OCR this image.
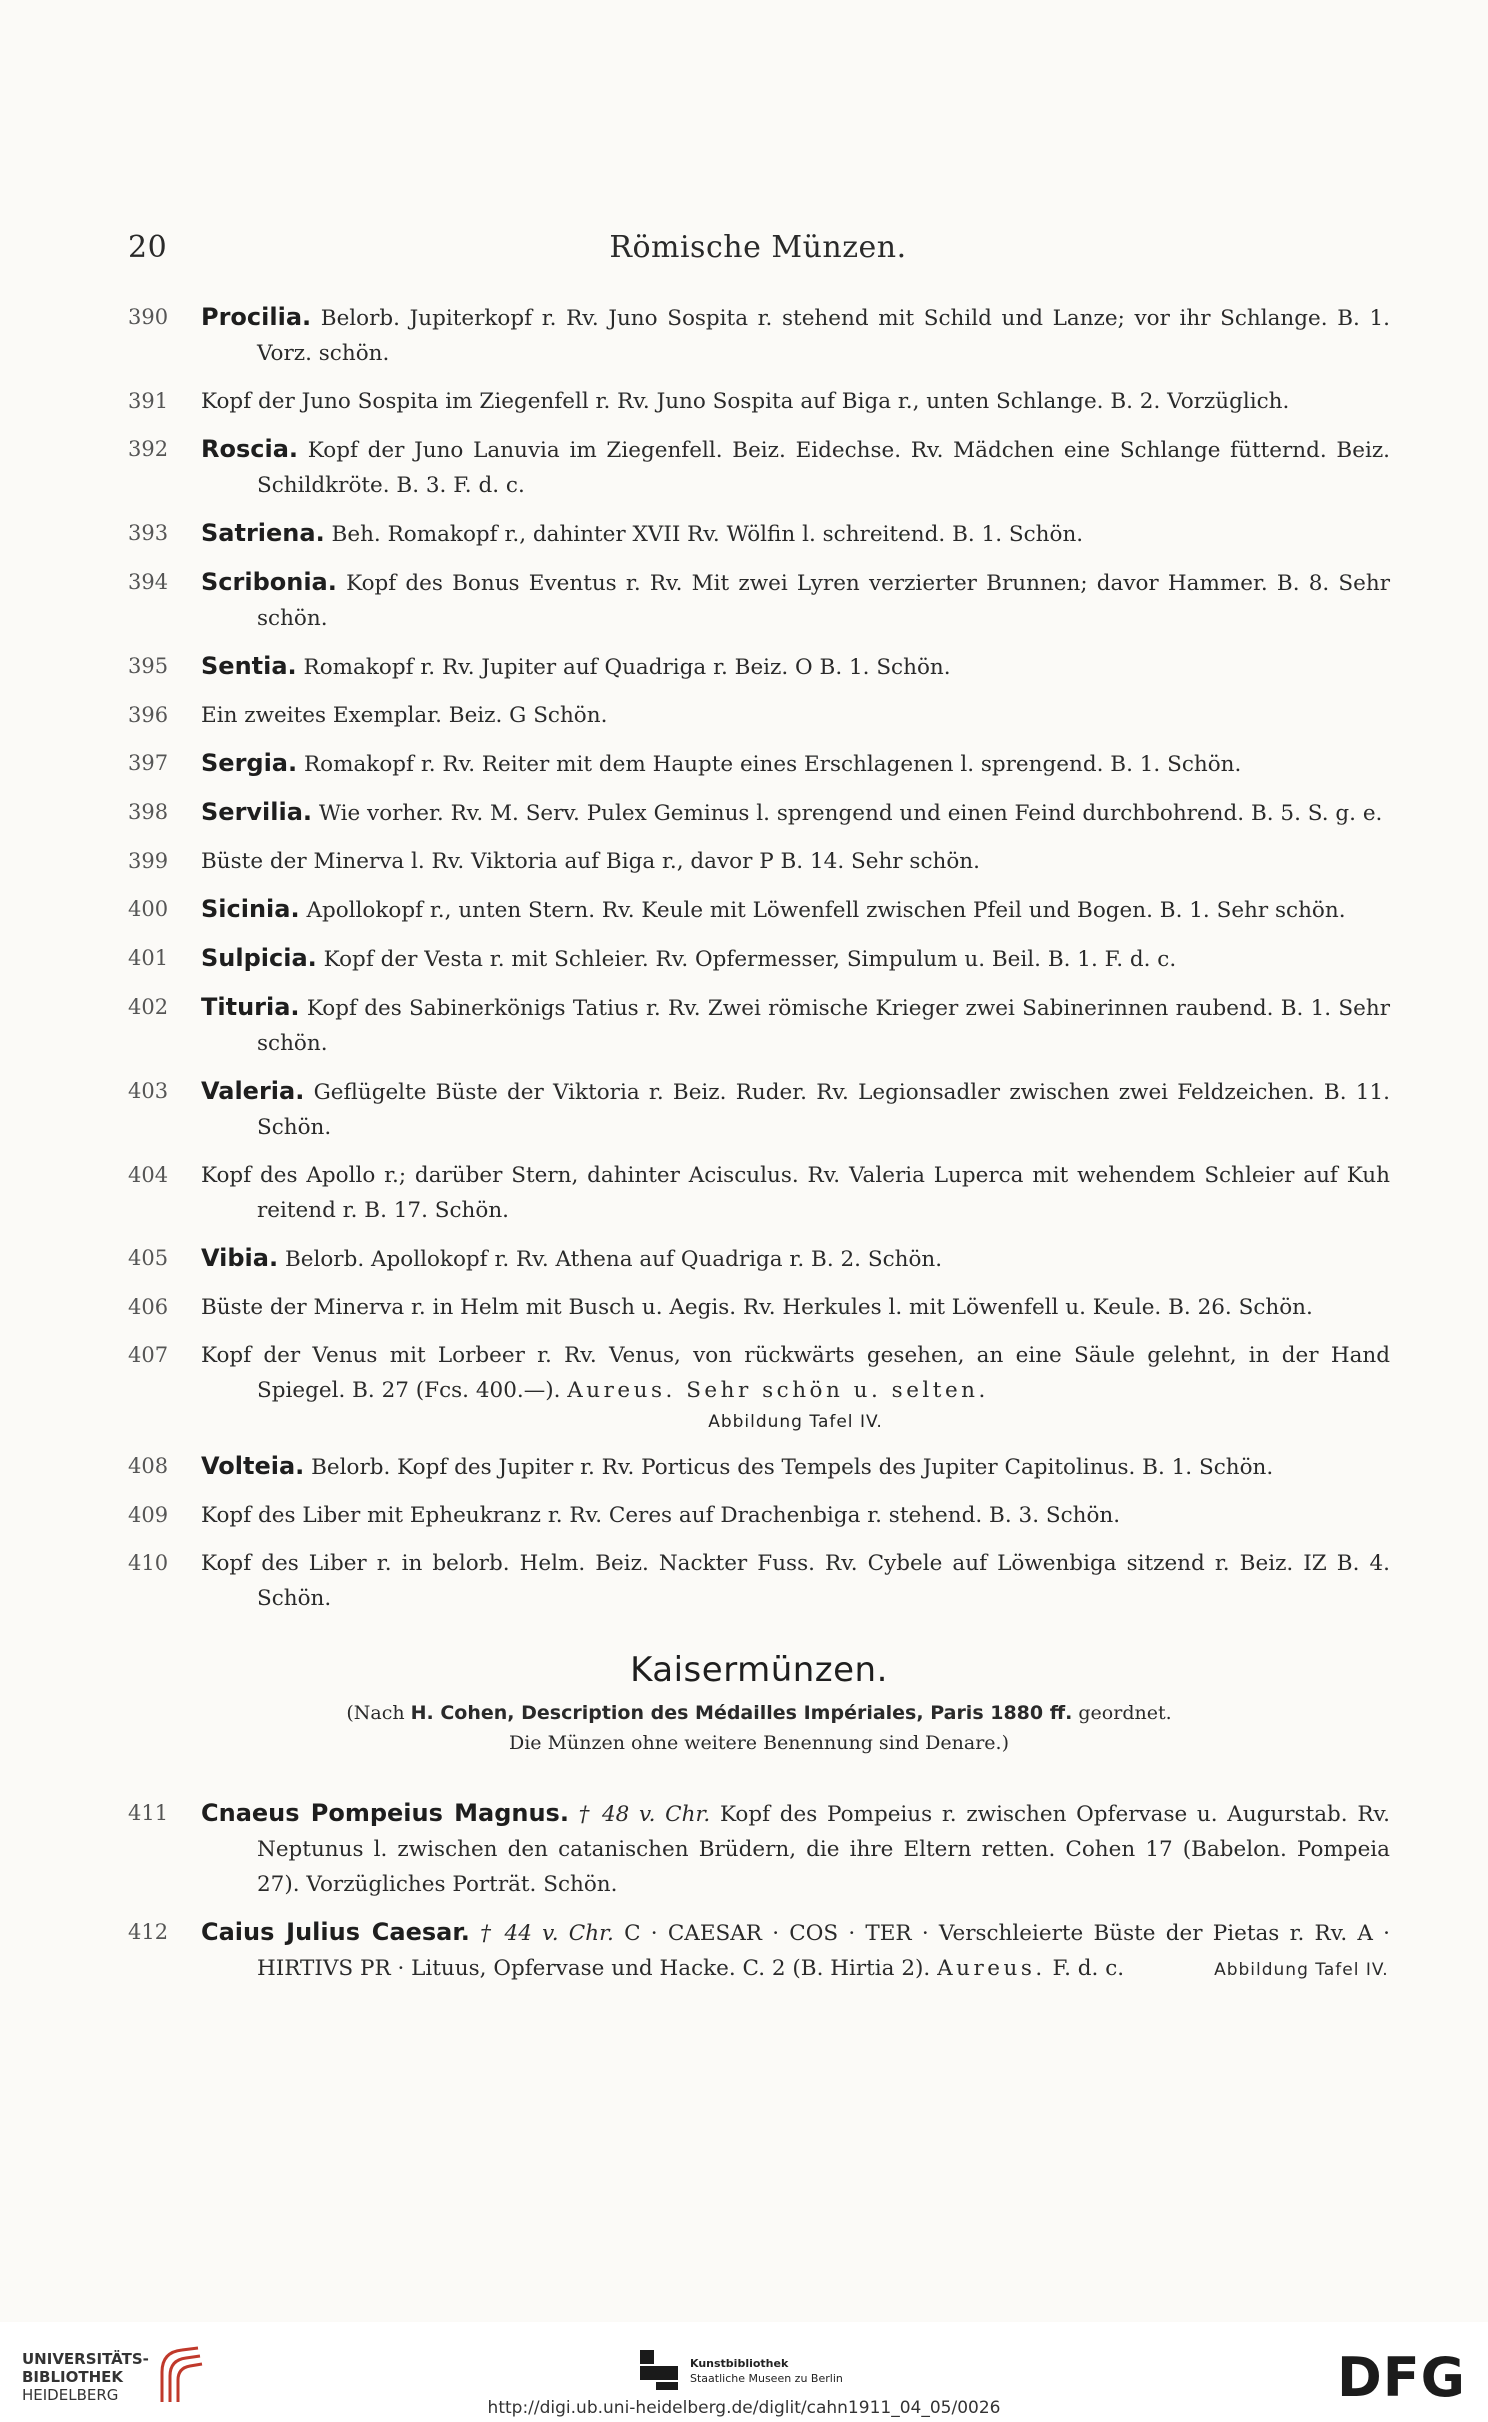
20	Römische Münzen.
390 Procilia. Belorb. Jupiterkopf r. Rv. Juno Sospita r. stehend mit Schild und Lanze; vor ihr Schlange. B. 1. Vorz. schön.
391 Kopf der Juno Sospita im Ziegenfell r. Rv. Juno Sospita auf Biga r., unten Schlange. B. 2. Vorzüglich.
392 Roscia. Kopf der Juno Lanuvia im Ziegenfell. Beiz. Eidechse. Rv. Mädchen eine Schlange fütternd. Beiz. Schildkröte. B. 3. F. d. c.
393 Satriena. Beh. Romakopf r., dahinter XVII Rv. Wölfin l. schreitend. B. 1. Schön.
394 Scribonia. Kopf des Bonus Eventus r. Rv. Mit zwei Lyren verzierter Brunnen; davor Hammer. B. 8. Sehr schön.
395 Sentia. Romakopf r. Rv. Jupiter auf Quadriga r. Beiz. O B. 1. Schön.
396 Ein zweites Exemplar. Beiz. G Schön.
397 Sergia. Romakopf r. Rv. Reiter mit dem Haupte eines Erschlagenen l. sprengend. B. 1. Schön.
398 Servilia. Wie vorher. Rv. M. Serv. Pulex Geminus l. sprengend und einen Feind durchbohrend. B. 5. S. g. e.
399 Büste der Minerva l. Rv. Viktoria auf Biga r., davor P B. 14. Sehr schön.
400 Sicinia. Apollokopf r., unten Stern. Rv. Keule mit Löwenfell zwischen Pfeil und Bogen. B. 1. Sehr schön.
401 Sulpicia. Kopf der Vesta r. mit Schleier. Rv. Opfermesser, Simpulum u. Beil. B. 1. F. d. c.
402 Tituria. Kopf des Sabinerkönigs Tatius r. Rv. Zwei römische Krieger zwei Sabinerinnen raubend. B. 1. Sehr schön.
403 Valeria. Geflügelte Büste der Viktoria r. Beiz. Ruder. Rv. Legionsadler zwischen zwei Feldzeichen. B. 11. Schön.
404 Kopf des Apollo r.; darüber Stern, dahinter Acisculus. Rv. Valeria Luperca mit wehendem Schleier auf Kuh reitend r. B. 17. Schön.
405 Vibia. Belorb. Apollokopf r. Rv. Athena auf Quadriga r. B. 2. Schön.
406 Büste der Minerva r. in Helm mit Busch u. Aegis. Rv. Herkules l. mit Löwenfell u. Keule. B. 26. Schön.
407 Kopf der Venus mit Lorbeer r. Rv. Venus, von rückwärts gesehen, an eine Säule gelehnt, in der Hand Spiegel. B. 27 (Fcs. 400.—). Aureus. Sehr schön u. selten.
Abbildung Tafel IV.
408 Volteia. Belorb. Kopf des Jupiter r. Rv. Porticus des Tempels des Jupiter Capitolinus. B. 1. Schön.
409 Kopf des Liber mit Epheukranz r. Rv. Ceres auf Drachenbiga r. stehend. B. 3. Schön.
410 Kopf des Liber r. in belorb. Helm. Beiz. Nackter Fuss. Rv. Cybele auf Löwenbiga sitzend r. Beiz. IZ B. 4. Schön.
Kaisermünzen.
(Nach H. Cohen, Description des Médailles Impériales, Paris 1880 ff. geordnet.
Die Münzen ohne weitere Benennung sind Denare.)
411 Cnaeus Pompeius Magnus. † 48 v. Chr. Kopf des Pompeius r. zwischen Opfervase u. Augurstab. Rv. Neptunus l. zwischen den catanischen Brüdern, die ihre Eltern retten. Cohen 17 (Babelon. Pompeia 27). Vorzügliches Porträt. Schön.
412 Caius Julius Caesar. † 44 v. Chr. C · CAESAR · COS · TER · Verschleierte Büste der Pietas r. Rv. A · HIRTIVS PR · Lituus, Opfervase und Hacke. C. 2 (B. Hirtia 2). Aureus. F. d. c.	Abbildung Tafel IV.
UNIVERSITÄTS-
BIBLIOTHEK
HEIDELBERG
Kunstbibliothek
Staatliche Museen zu Berlin	DFG
http://digi.ub.uni-heidelberg.de/diglit/cahn1911_04_05/0026
